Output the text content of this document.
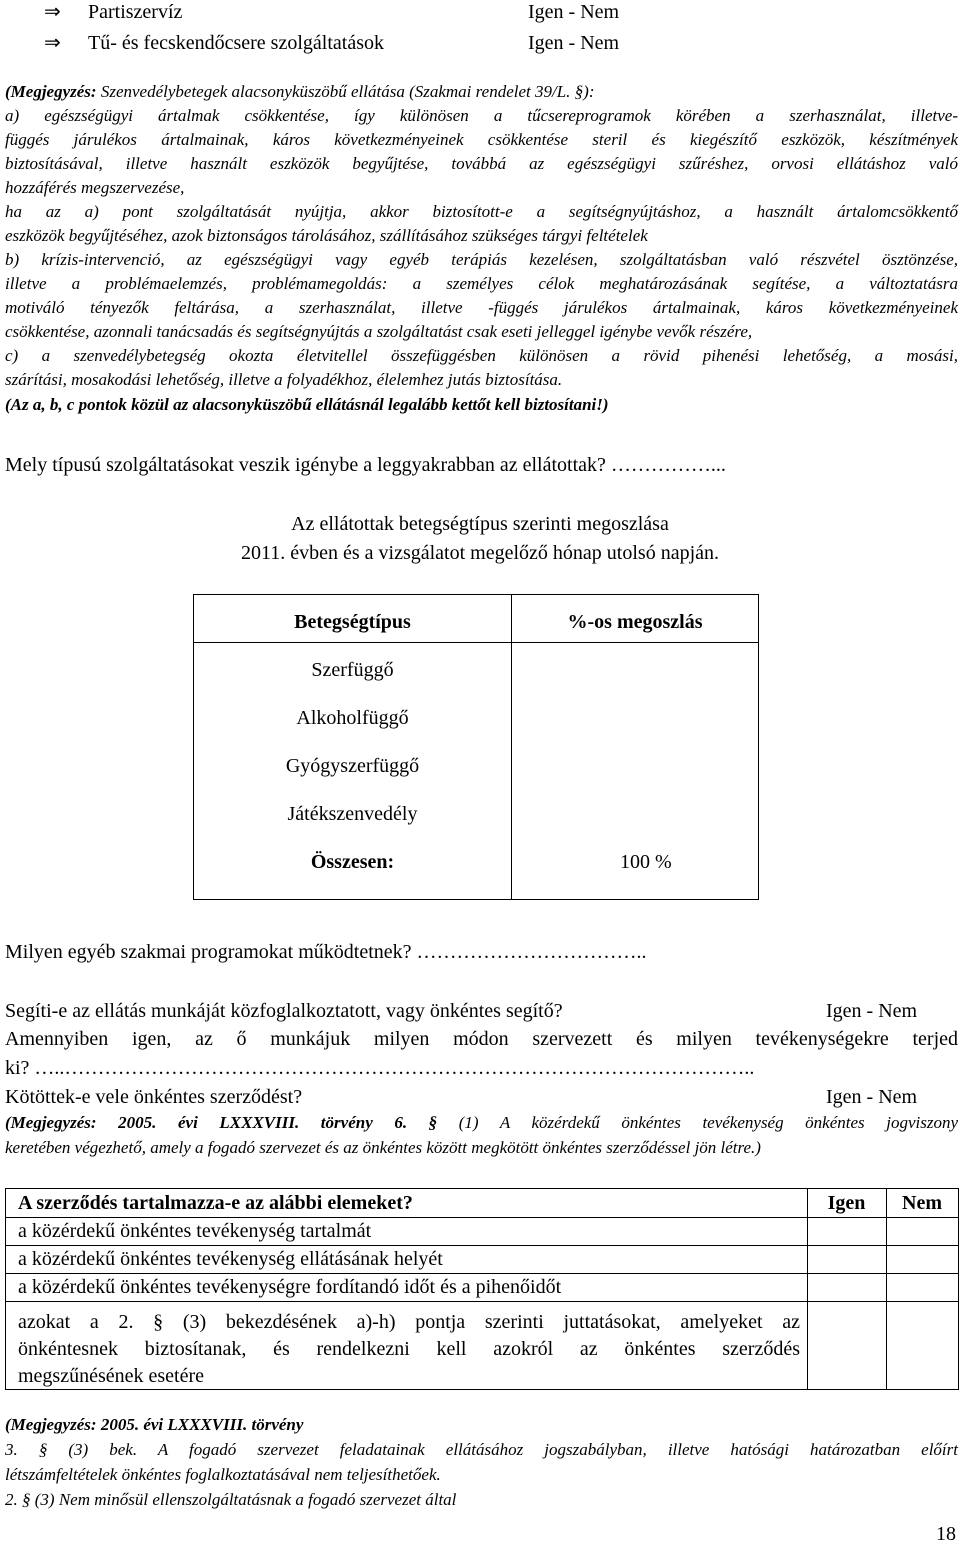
⇒ Partiszervíz	Igen - Nem
⇒ Tű- és fecskendőcsere szolgáltatások	Igen - Nem
(Megjegyzés: Szenvedélybetegek alacsonyküszöbű ellátása (Szakmai rendelet 39/L. §):
a) egészségügyi ártalmak csökkentése, így különösen a tűcsereprogramok körében a szerhasználat, illetve-
függés járulékos ártalmainak, káros következményeinek csökkentése steril és kiegészítő eszközök, készítmények
biztosításával, illetve használt eszközök begyűjtése, továbbá az egészségügyi szűréshez, orvosi ellátáshoz való
hozzáférés megszervezése,
ha az a) pont szolgáltatását nyújtja, akkor biztosított-e a segítségnyújtáshoz, a használt ártalomcsökkentő
eszközök begyűjtéséhez, azok biztonságos tárolásához, szállításához szükséges tárgyi feltételek
b) krízis-intervenció, az egészségügyi vagy egyéb terápiás kezelésen, szolgáltatásban való részvétel ösztönzése,
illetve a problémaelemzés, problémamegoldás: a személyes célok meghatározásának segítése, a változtatásra
motiváló tényezők feltárása, a szerhasználat, illetve -függés járulékos ártalmainak, káros következményeinek
csökkentése, azonnali tanácsadás és segítségnyújtás a szolgáltatást csak eseti jelleggel igénybe vevők részére,
c) a szenvedélybetegség okozta életvitellel összefüggésben különösen a rövid pihenési lehetőség, a mosási,
szárítási, mosakodási lehetőség, illetve a folyadékhoz, élelemhez jutás biztosítása.
(Az a, b, c pontok közül az alacsonyküszöbű ellátásnál legalább kettőt kell biztosítani!)
Mely típusú szolgáltatásokat veszik igénybe a leggyakrabban az ellátottak? ……………...
Az ellátottak betegségtípus szerinti megoszlása
2011. évben és a vizsgálatot megelőző hónap utolsó napján.
Betegségtípus	%-os megoszlás
Szerfüggő
Alkoholfüggő
Gyógyszerfüggő
Játékszenvedély
Összesen:	100 %
Milyen egyéb szakmai programokat működtetnek? ……………………………..
Segíti-e az ellátás munkáját közfoglalkoztatott, vagy önkéntes segítő?	Igen - Nem
Amennyiben igen, az ő munkájuk milyen módon szervezett és milyen tevékenységekre terjed
ki? …..…………………………………………………………………………………………..
Kötöttek-e vele önkéntes szerződést?	Igen - Nem
(Megjegyzés: 2005. évi LXXXVIII. törvény 6. § (1) A közérdekű önkéntes tevékenység önkéntes jogviszony
keretében végezhető, amely a fogadó szervezet és az önkéntes között megkötött önkéntes szerződéssel jön létre.)
A szerződés tartalmazza-e az alábbi elemeket?	Igen	Nem
a közérdekű önkéntes tevékenység tartalmát
a közérdekű önkéntes tevékenység ellátásának helyét
a közérdekű önkéntes tevékenységre fordítandó időt és a pihenőidőt
azokat a 2. § (3) bekezdésének a)-h) pontja szerinti juttatásokat, amelyeket az
önkéntesnek biztosítanak, és rendelkezni kell azokról az önkéntes szerződés
megszűnésének esetére
(Megjegyzés: 2005. évi LXXXVIII. törvény
3. § (3) bek. A fogadó szervezet feladatainak ellátásához jogszabályban, illetve hatósági határozatban előírt
létszámfeltételek önkéntes foglalkoztatásával nem teljesíthetőek.
2. § (3) Nem minősül ellenszolgáltatásnak a fogadó szervezet által
18
